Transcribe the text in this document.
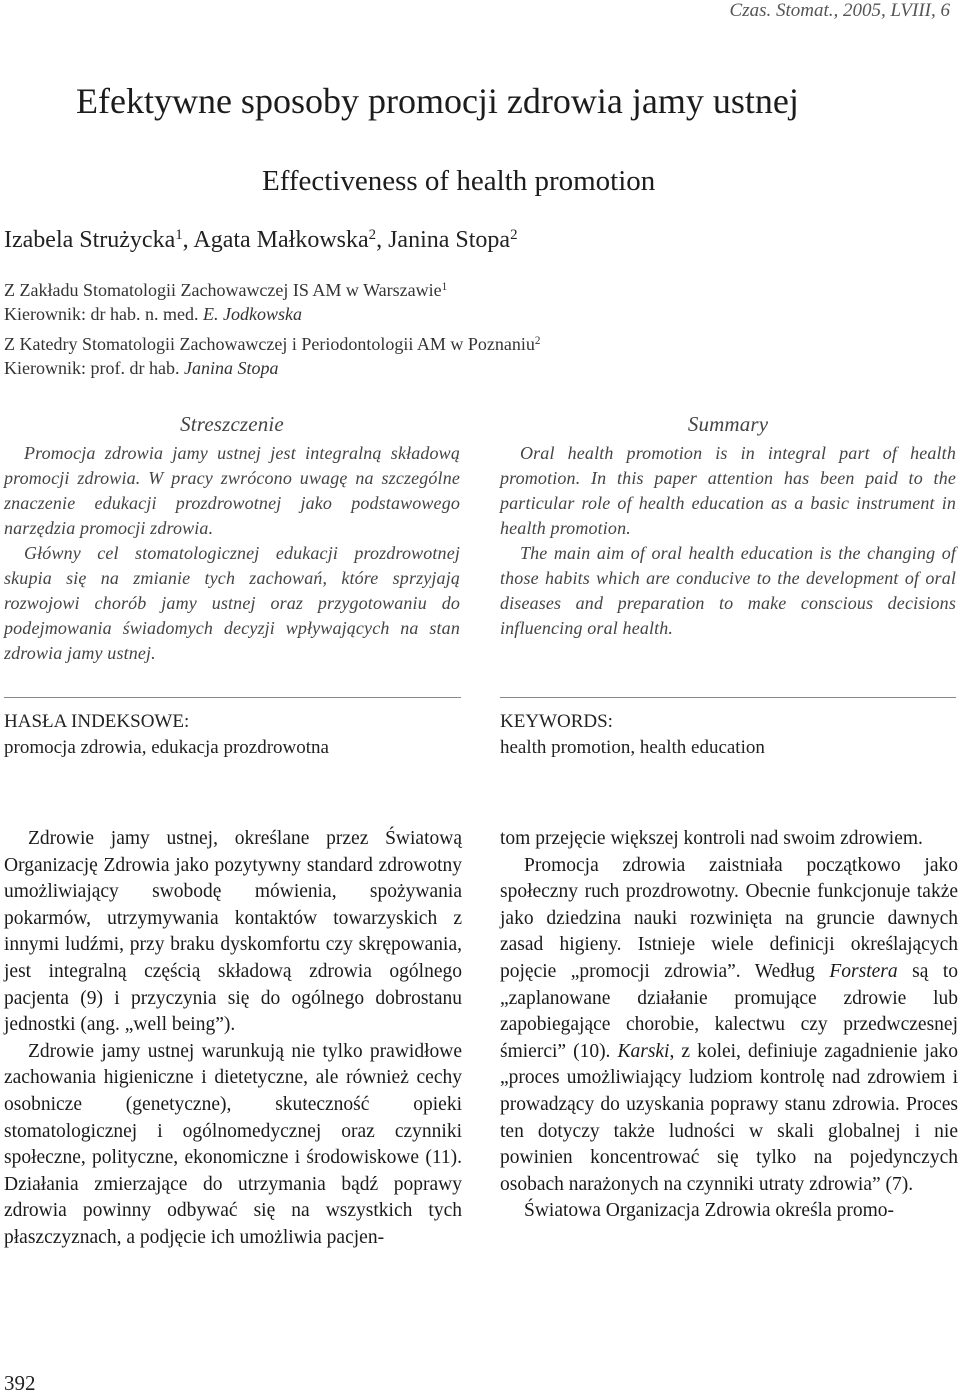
Czas. Stomat., 2005, LVIII, 6
Efektywne sposoby promocji zdrowia jamy ustnej
Effectiveness of health promotion
Izabela Strużycka$^1$, Agata Małkowska$^2$, Janina Stopa$^2$
Z Zakładu Stomatologii Zachowawczej IS AM w Warszawie$^1$
Kierownik: dr hab. n. med. E. Jodkowska
Z Katedry Stomatologii Zachowawczej i Periodontologii AM w Poznaniu$^2$
Kierownik: prof. dr hab. Janina Stopa
Streszczenie

Promocja zdrowia jamy ustnej jest integralną składową promocji zdrowia. W pracy zwrócono uwagę na szczególne znaczenie edukacji prozdrowotnej jako podstawowego narzędzia promocji zdrowia.

Główny cel stomatologicznej edukacji prozdrowotnej skupia się na zmianie tych zachowań, które sprzyjają rozwojowi chorób jamy ustnej oraz przygotowaniu do podejmowania świadomych decyzji wpływających na stan zdrowia jamy ustnej.

Summary

Oral health promotion is in integral part of health promotion. In this paper attention has been paid to the particular role of health education as a basic instrument in health promotion.

The main aim of oral health education is the changing of those habits which are conducive to the development of oral diseases and preparation to make conscious decisions influencing oral health.

HASŁA INDEKSOWE:
promocja zdrowia, edukacja prozdrowotna
KEYWORDS:
health promotion, health education

Zdrowie jamy ustnej, określane przez Światową Organizację Zdrowia jako pozytywny standard zdrowotny umożliwiający swobodę mówienia, spożywania pokarmów, utrzymywania kontaktów towarzyskich z innymi ludźmi, przy braku dyskomfortu czy skrępowania, jest integralną częścią składową zdrowia ogólnego pacjenta (9) i przyczynia się do ogólnego dobrostanu jednostki (ang. „well being”).

Zdrowie jamy ustnej warunkują nie tylko prawidłowe zachowania higieniczne i dietetyczne, ale również cechy osobnicze (genetyczne), skuteczność opieki stomatologicznej i ogólnomedycznej oraz czynniki społeczne, polityczne, ekonomiczne i środowiskowe (11). Działania zmierzające do utrzymania bądź poprawy zdrowia powinny odbywać się na wszystkich tych płaszczyznach, a podjęcie ich umożliwia pacjen-

tom przejęcie większej kontroli nad swoim zdrowiem.

Promocja zdrowia zaistniała początkowo jako społeczny ruch prozdrowotny. Obecnie funkcjonuje także jako dziedzina nauki rozwinięta na gruncie dawnych zasad higieny. Istnieje wiele definicji określających pojęcie „promocji zdrowia”. Według Forstera są to „zaplanowane działanie promujące zdrowie lub zapobiegające chorobie, kalectwu czy przedwczesnej śmierci” (10). Karski, z kolei, definiuje zagadnienie jako „proces umożliwiający ludziom kontrolę nad zdrowiem i prowadzący do uzyskania poprawy stanu zdrowia. Proces ten dotyczy także ludności w skali globalnej i nie powinien koncentrować się tylko na pojedynczych osobach narażonych na czynniki utraty zdrowia” (7).

Światowa Organizacja Zdrowia określa promo-

392
